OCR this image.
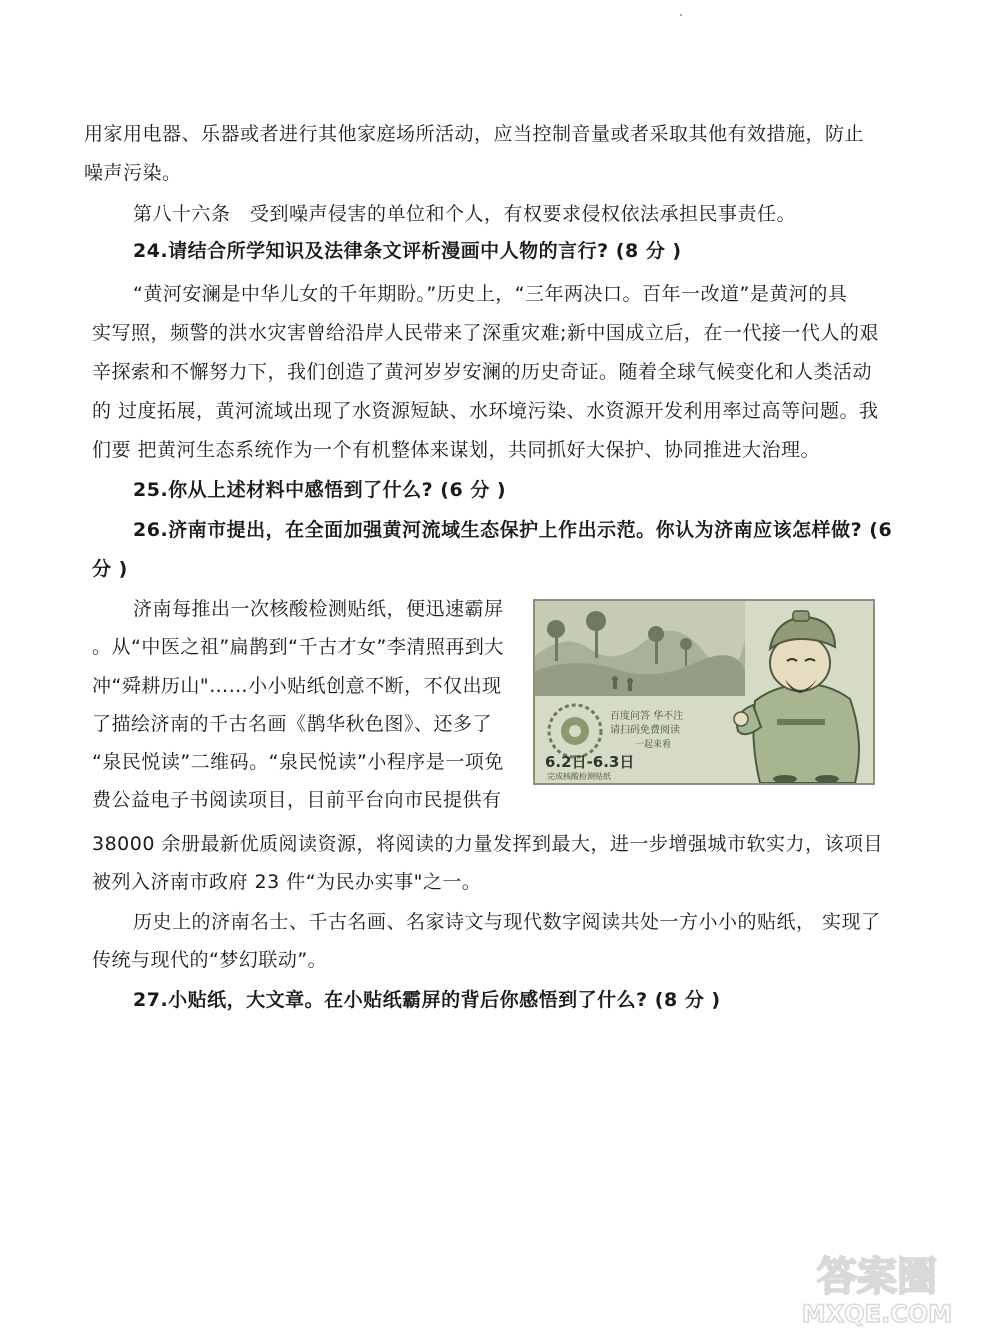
用家用电器、乐器或者进行其他家庭场所活动，应当控制音量或者采取其他有效措施，防止
噪声污染。
第八十六条　受到噪声侵害的单位和个人，有权要求侵权依法承担民事责任。
24.请结合所学知识及法律条文评析漫画中人物的言行? (8 分 )
“黄河安澜是中华儿女的千年期盼。”历史上，“三年两决口。百年一改道”是黄河的具
实写照，频警的洪水灾害曾给沿岸人民带来了深重灾难;新中国成立后，在一代接一代人的艰
辛探索和不懈努力下，我们创造了黄河岁岁安澜的历史奇证。随着全球气候变化和人类活动
的 过度拓展，黄河流域出现了水资源短缺、水环境污染、水资源开发利用率过高等问题。我
们要 把黄河生态系统作为一个有机整体来谋划，共同抓好大保护、协同推进大治理。
25.你从上述材料中感悟到了什么? (6 分 )
26.济南市提出，在全面加强黄河流域生态保护上作出示范。你认为济南应该怎样做? (6
分 )
济南每推出一次核酸检测贴纸，便迅速霸屏
。从“中医之祖”扁鹊到“千古才女”李清照再到大
冲“舜耕历山"……小小贴纸创意不断，不仅出现
了描绘济南的千古名画《鹊华秋色图》、还多了
“泉民悦读”二维码。“泉民悦读”小程序是一项免
费公益电子书阅读项目，目前平台向市民提供有
38000 余册最新优质阅读资源，将阅读的力量发挥到最大，进一步增强城市软实力，该项目
被列入济南市政府 23 件“为民办实事"之一。
历史上的济南名士、千古名画、名家诗文与现代数字阅读共处一方小小的贴纸， 实现了
传统与现代的“梦幻联动”。
27.小贴纸，大文章。在小贴纸霸屏的背后你感悟到了什么? (8 分 )
百度问答 华不注
请扫码免费阅读
一起来看
6.2日-6.3日
完成核酸检测贴纸
答案圈
MXQE.COM
